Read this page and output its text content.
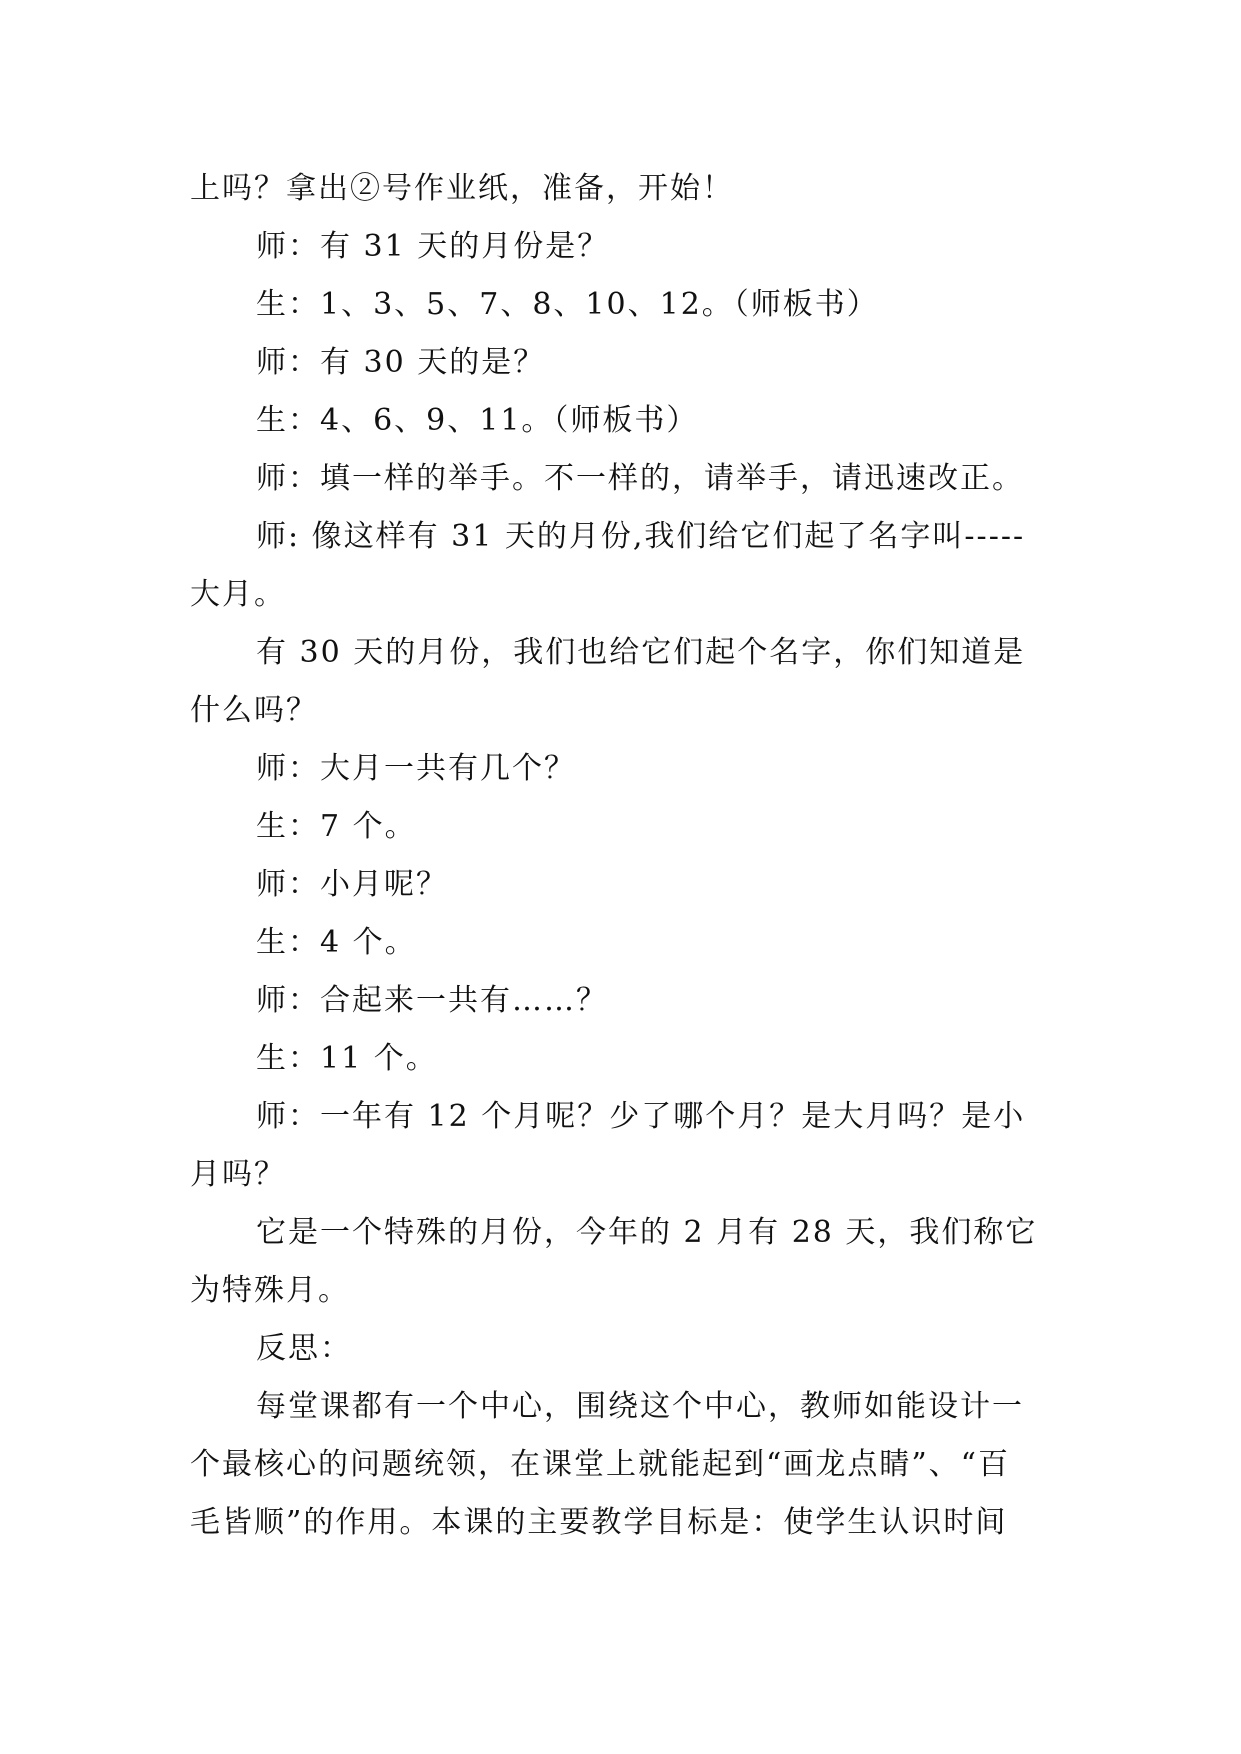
上吗？拿出②号作业纸，准备，开始！
师：有 31 天的月份是？
生：1、3、5、7、8、10、12。（师板书）
师：有 30 天的是？
生：4、6、9、11。（师板书）
师：填一样的举手。不一样的，请举手，请迅速改正。
师: 像这样有 31 天的月份,我们给它们起了名字叫-----
大月。
有 30 天的月份，我们也给它们起个名字，你们知道是
什么吗？
师：大月一共有几个？
生：7 个。
师：小月呢？
生：4 个。
师：合起来一共有……？
生：11 个。
师：一年有 12 个月呢？少了哪个月？是大月吗？是小
月吗？
它是一个特殊的月份，今年的 2 月有 28 天，我们称它
为特殊月。
反思：
每堂课都有一个中心，围绕这个中心，教师如能设计一
个最核心的问题统领，在课堂上就能起到“画龙点睛”、“百
毛皆顺”的作用。本课的主要教学目标是：使学生认识时间
